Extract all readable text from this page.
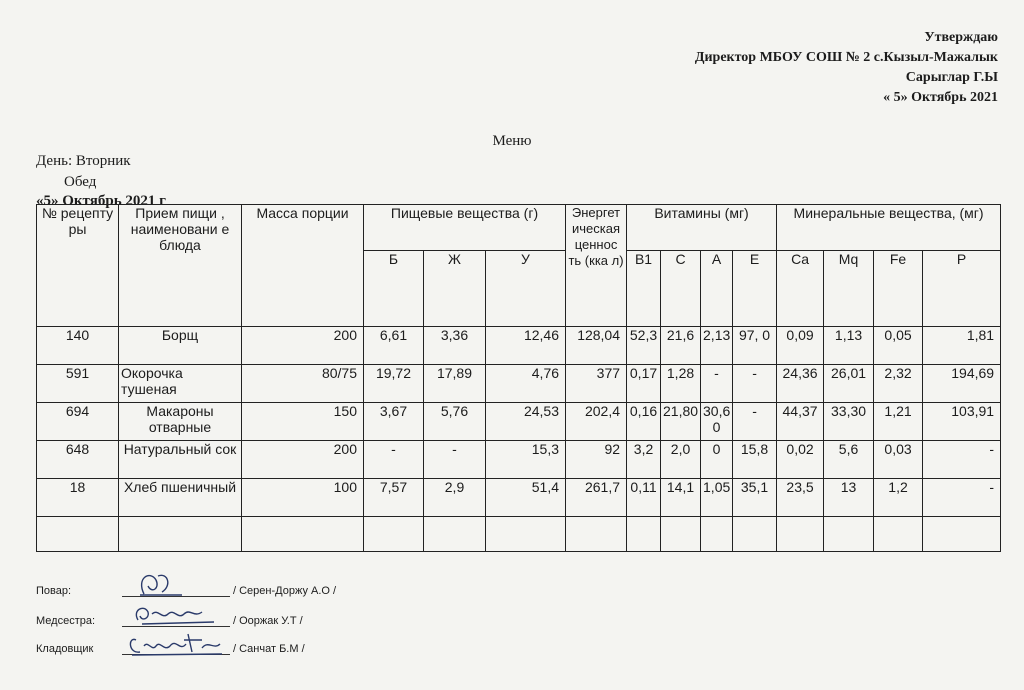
Утверждаю
Директор МБОУ СОШ № 2 с.Кызыл-Мажалык
Сарыглар Г.Ы
« 5» Октябрь 2021
Меню
День: Вторник
Обед
«5» Октябрь 2021 г
№ рецепту ры	Прием пищи , наименовани е блюда	Масса порции	Пищевые вещества (г)			Энергет ическая ценнос ть (кка л)	Витамины (мг)				Минеральные вещества, (мг)			
			Б	Ж	У		B1	C	A	E	Ca	Mq	Fe	P
140	Борщ	200	6,61	3,36	12,46	128,04	52,3	21,6	2,13	97, 0	0,09	1,13	0,05	1,81
591	Окорочка тушеная	80/75	19,72	17,89	4,76	377	0,17	1,28	-	-	24,36	26,01	2,32	194,69
694	Макароны отварные	150	3,67	5,76	24,53	202,4	0,16	21,80	30,6 0	-	44,37	33,30	1,21	103,91
648	Натуральный сок	200	-	-	15,3	92	3,2	2,0	0	15,8	0,02	5,6	0,03	-
18	Хлеб пшеничный	100	7,57	2,9	51,4	261,7	0,11	14,1	1,05	35,1	23,5	13	1,2	-

Повар:	/ Серен-Доржу А.О /
Медсестра:	/ Ооржак У.Т /
Кладовщик	/ Санчат Б.М /
